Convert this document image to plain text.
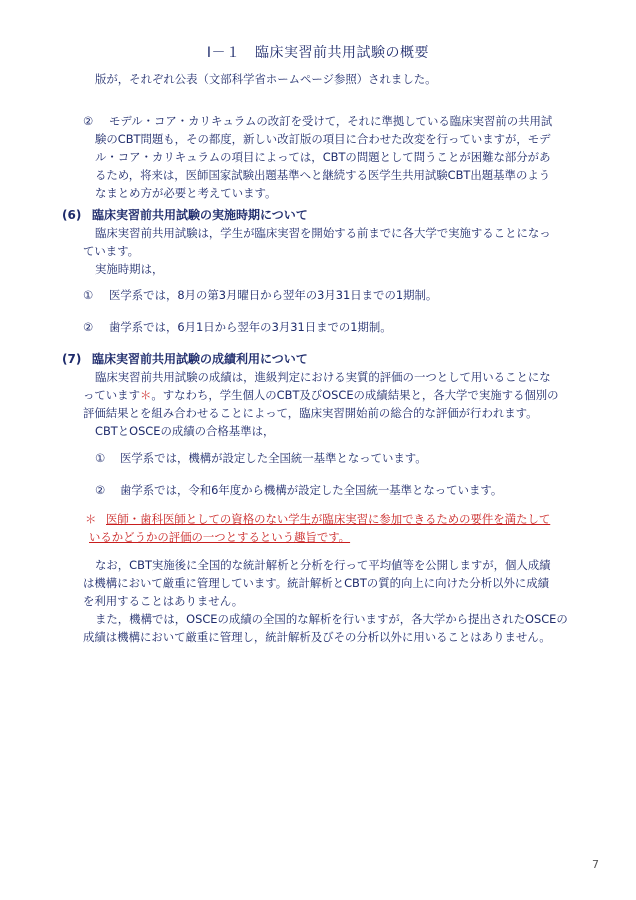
Ⅰ－１　臨床実習前共用試験の概要
版が，それぞれ公表（文部科学省ホームページ参照）されました。
② モデル・コア・カリキュラムの改訂を受けて，それに準拠している臨床実習前の共用試
験のCBT問題も，その都度，新しい改訂版の項目に合わせた改変を行っていますが，モデ
ル・コア・カリキュラムの項目によっては，CBTの問題として問うことが困難な部分があ
るため，将来は，医師国家試験出題基準へと継続する医学生共用試験CBT出題基準のよう
なまとめ方が必要と考えています。
(6) 臨床実習前共用試験の実施時期について
臨床実習前共用試験は，学生が臨床実習を開始する前までに各大学で実施することになっ
ています。
実施時期は，
① 医学系では，8月の第3月曜日から翌年の3月31日までの1期制。
② 歯学系では，6月1日から翌年の3月31日までの1期制。
(7) 臨床実習前共用試験の成績利用について
臨床実習前共用試験の成績は，進級判定における実質的評価の一つとして用いることにな
っています＊。すなわち，学生個人のCBT及びOSCEの成績結果と，各大学で実施する個別の
評価結果とを組み合わせることによって，臨床実習開始前の総合的な評価が行われます。
CBTとOSCEの成績の合格基準は，
① 医学系では，機構が設定した全国統一基準となっています。
② 歯学系では，令和6年度から機構が設定した全国統一基準となっています。
＊ 医師・歯科医師としての資格のない学生が臨床実習に参加できるための要件を満たして
いるかどうかの評価の一つとするという趣旨です。
なお，CBT実施後に全国的な統計解析と分析を行って平均値等を公開しますが，個人成績
は機構において厳重に管理しています。統計解析とCBTの質的向上に向けた分析以外に成績
を利用することはありません。
また，機構では，OSCEの成績の全国的な解析を行いますが，各大学から提出されたOSCEの
成績は機構において厳重に管理し，統計解析及びその分析以外に用いることはありません。
7
